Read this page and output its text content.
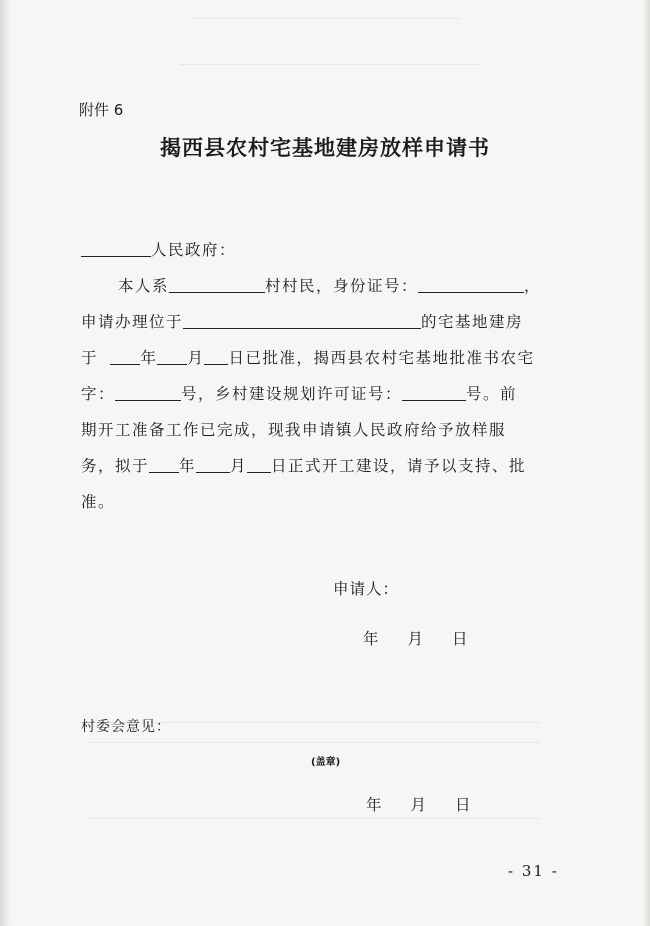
附件 6
揭西县农村宅基地建房放样申请书
人民政府：
本人系	村村民，身份证号：	，
申请办理位于	的宅基地建房
于	年 月 日已批准，揭西县农村宅基地批准书农宅
字：	号，乡村建设规划许可证号：	号。前
期开工准备工作已完成，现我申请镇人民政府给予放样服
务，拟于 年 月 日正式开工建设，请予以支持、批
准。
申请人：
年 月 日
村委会意见：
(盖章)
年 月 日
- 31 -
